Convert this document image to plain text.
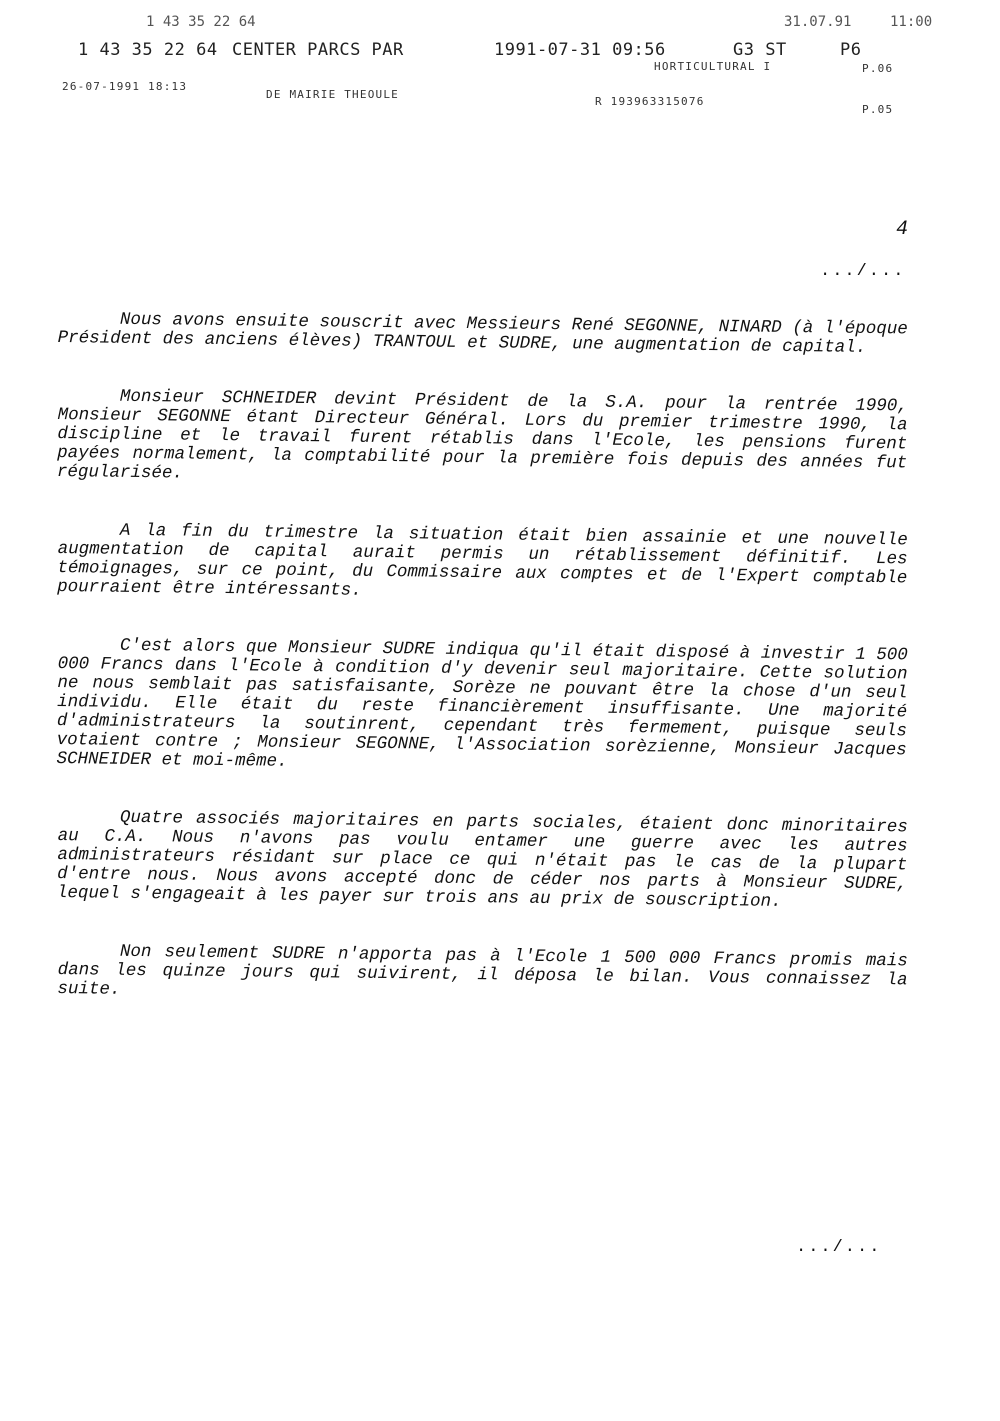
1 43 35 22 64	31.07.91	11:00
1 43 35 22 64 CENTER PARCS PAR	1991-07-31 09:56	G3 ST	P6
HORTICULTURAL I	P.06
26-07-1991 18:13
DE MAIRIE THEOULE
R 193963315076
P.05
4
.../...

Nous avons ensuite souscrit avec Messieurs René SEGONNE, NINARD (à l'époque Président des anciens élèves) TRANTOUL et SUDRE, une augmentation de capital.

Monsieur SCHNEIDER devint Président de la S.A. pour la rentrée 1990, Monsieur SEGONNE étant Directeur Général. Lors du premier trimestre 1990, la discipline et le travail furent rétablis dans l'Ecole, les pensions furent payées normalement, la comptabilité pour la première fois depuis des années fut régularisée.

A la fin du trimestre la situation était bien assainie et une nouvelle augmentation de capital aurait permis un rétablissement définitif. Les témoignages, sur ce point, du Commissaire aux comptes et de l'Expert comptable pourraient être intéressants.

C'est alors que Monsieur SUDRE indiqua qu'il était disposé à investir 1 500 000 Francs dans l'Ecole à condition d'y devenir seul majoritaire. Cette solution ne nous semblait pas satisfaisante, Sorèze ne pouvant être la chose d'un seul individu. Elle était du reste financièrement insuffisante. Une majorité d'administrateurs la soutinrent, cependant très fermement, puisque seuls votaient contre ; Monsieur SEGONNE, l'Association sorèzienne, Monsieur Jacques SCHNEIDER et moi-même.

Quatre associés majoritaires en parts sociales, étaient donc minoritaires au C.A. Nous n'avons pas voulu entamer une guerre avec les autres administrateurs résidant sur place ce qui n'était pas le cas de la plupart d'entre nous. Nous avons accepté donc de céder nos parts à Monsieur SUDRE, lequel s'engageait à les payer sur trois ans au prix de souscription.

Non seulement SUDRE n'apporta pas à l'Ecole 1 500 000 Francs promis mais dans les quinze jours qui suivirent, il déposa le bilan. Vous connaissez la suite.

.../...
